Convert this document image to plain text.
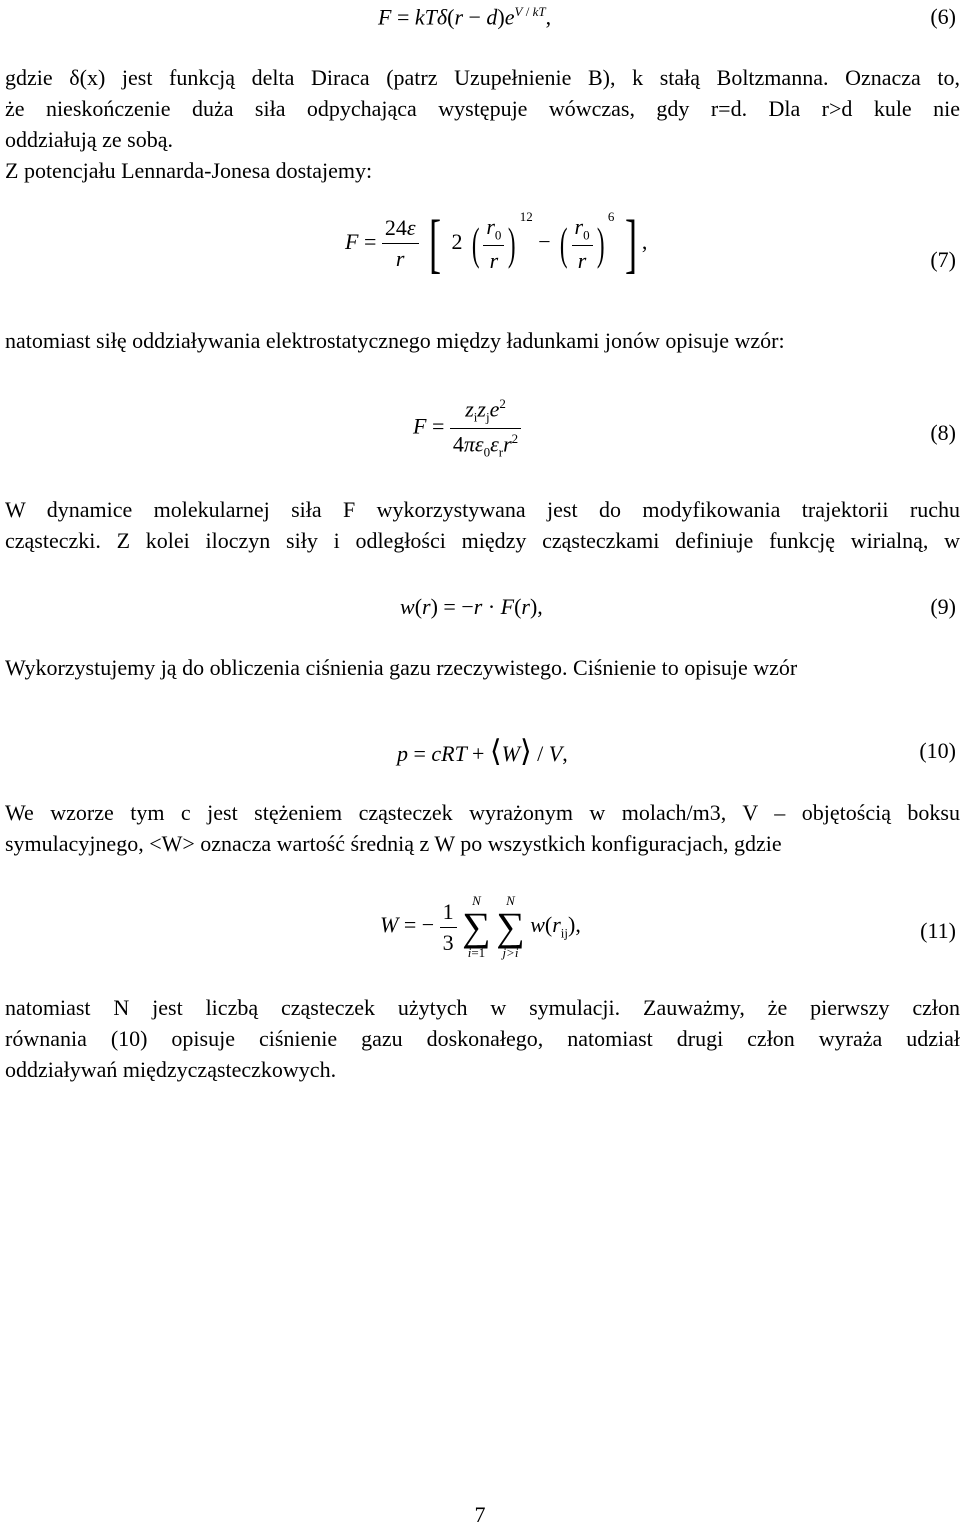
$F = kT\delta(r - d)e^{V / kT}$,	(6)
gdzie δ(x) jest funkcją delta Diraca (patrz Uzupełnienie B), k stałą Boltzmanna. Oznacza to,
że nieskończenie duża siła odpychająca występuje wówczas, gdy r=d. Dla r>d kule nie
oddziałują ze sobą.
Z potencjału Lennarda-Jonesa dostajemy:
$F = \frac{24\varepsilon}{r}$ [ 2 ( $\frac{r_0}{r} )^{12}$ − ( $\frac{r_0}{r} )^6$ ] ,
(7)
natomiast siłę oddziaływania elektrostatycznego między ładunkami jonów opisuje wzór:
$F = \frac{z_iz_je^2}{4\pi\varepsilon_0\varepsilon_rr^2}$	(8)
W dynamice molekularnej siła F wykorzystywana jest do modyfikowania trajektorii ruchu
cząsteczki. Z kolei iloczyn siły i odległości między cząsteczkami definiuje funkcję wirialną, w
w(r) = −r · F(r),	(9)
Wykorzystujemy ją do obliczenia ciśnienia gazu rzeczywistego. Ciśnienie to opisuje wzór
p = cRT + ⟨W⟩ / V,	(10)
We wzorze tym c jest stężeniem cząsteczek wyrażonym w molach/m3, V – objętością boksu
symulacyjnego, <W> oznacza wartość średnią z W po wszystkich konfiguracjach, gdzie
W = − $\frac{1}{3}$
	N
∑
i=1

N
∑
j>i
$w(r_{ij})$,	(11)
natomiast N jest liczbą cząsteczek użytych w symulacji. Zauważmy, że pierwszy człon
równania (10) opisuje ciśnienie gazu doskonałego, natomiast drugi człon wyraża udział
oddziaływań międzycząsteczkowych.
7
